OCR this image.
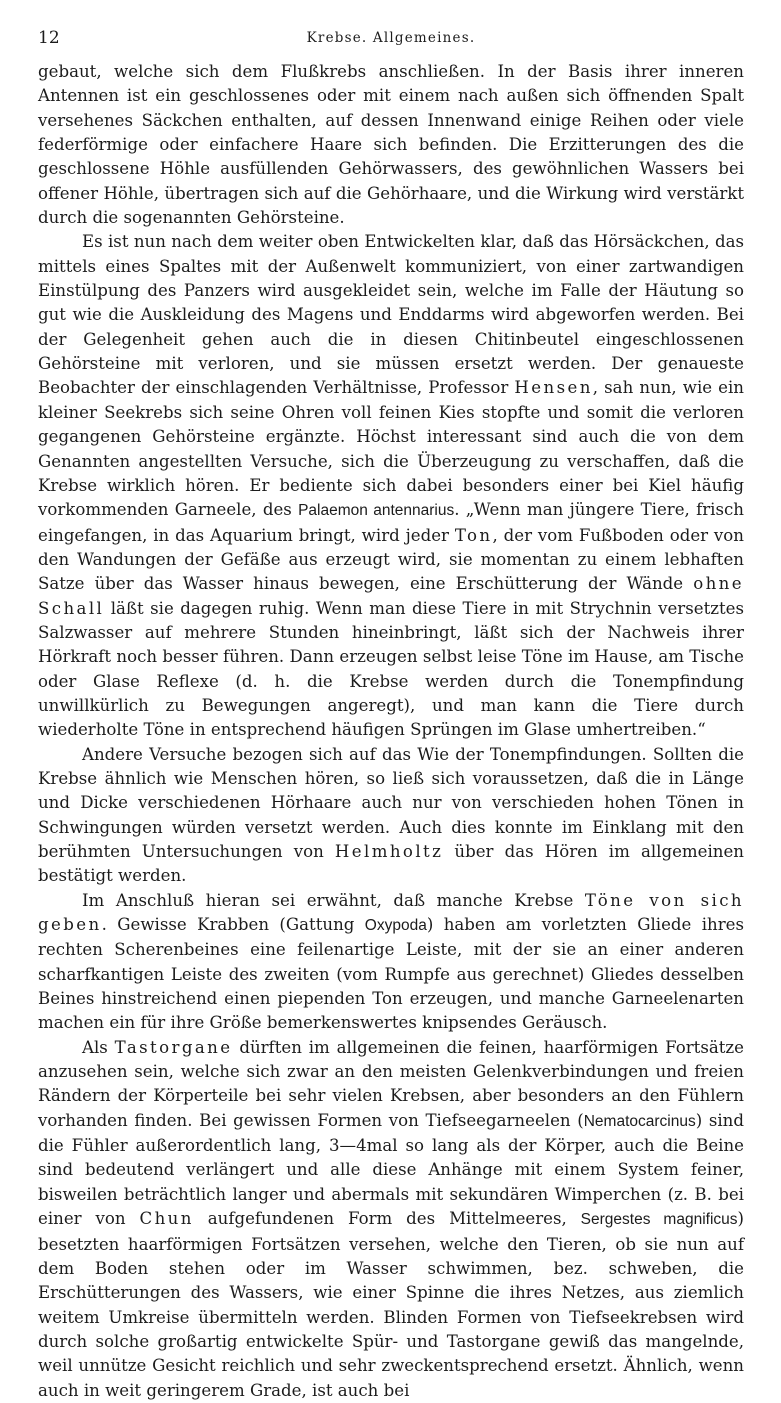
12	Krebse. Allgemeines.

gebaut, welche sich dem Flußkrebs anschließen. In der Basis ihrer inneren Antennen ist ein geschlossenes oder mit einem nach außen sich öffnenden Spalt versehenes Säckchen enthalten, auf dessen Innenwand einige Reihen oder viele federförmige oder einfachere Haare sich befinden. Die Erzitterungen des die geschlossene Höhle ausfüllenden Gehörwassers, des gewöhnlichen Wassers bei offener Höhle, übertragen sich auf die Gehörhaare, und die Wirkung wird verstärkt durch die sogenannten Gehörsteine.

Es ist nun nach dem weiter oben Entwickelten klar, daß das Hörsäckchen, das mittels eines Spaltes mit der Außenwelt kommuniziert, von einer zartwandigen Einstülpung des Panzers wird ausgekleidet sein, welche im Falle der Häutung so gut wie die Auskleidung des Magens und Enddarms wird abgeworfen werden. Bei der Gelegenheit gehen auch die in diesen Chitinbeutel eingeschlossenen Gehörsteine mit verloren, und sie müssen ersetzt werden. Der genaueste Beobachter der einschlagenden Verhältnisse, Professor Hensen, sah nun, wie ein kleiner Seekrebs sich seine Ohren voll feinen Kies stopfte und somit die verloren gegangenen Gehörsteine ergänzte. Höchst interessant sind auch die von dem Genannten angestellten Versuche, sich die Überzeugung zu verschaffen, daß die Krebse wirklich hören. Er bediente sich dabei besonders einer bei Kiel häufig vorkommenden Garneele, des Palaemon antennarius. „Wenn man jüngere Tiere, frisch eingefangen, in das Aquarium bringt, wird jeder Ton, der vom Fußboden oder von den Wandungen der Gefäße aus erzeugt wird, sie momentan zu einem lebhaften Satze über das Wasser hinaus bewegen, eine Erschütterung der Wände ohne Schall läßt sie dagegen ruhig. Wenn man diese Tiere in mit Strychnin versetztes Salzwasser auf mehrere Stunden hineinbringt, läßt sich der Nachweis ihrer Hörkraft noch besser führen. Dann erzeugen selbst leise Töne im Hause, am Tische oder Glase Reflexe (d. h. die Krebse werden durch die Tonempfindung unwillkürlich zu Bewegungen angeregt), und man kann die Tiere durch wiederholte Töne in entsprechend häufigen Sprüngen im Glase umhertreiben.“

Andere Versuche bezogen sich auf das Wie der Tonempfindungen. Sollten die Krebse ähnlich wie Menschen hören, so ließ sich voraussetzen, daß die in Länge und Dicke verschiedenen Hörhaare auch nur von verschieden hohen Tönen in Schwingungen würden versetzt werden. Auch dies konnte im Einklang mit den berühmten Untersuchungen von Helmholtz über das Hören im allgemeinen bestätigt werden.

Im Anschluß hieran sei erwähnt, daß manche Krebse Töne von sich geben. Gewisse Krabben (Gattung Oxypoda) haben am vorletzten Gliede ihres rechten Scherenbeines eine feilenartige Leiste, mit der sie an einer anderen scharfkantigen Leiste des zweiten (vom Rumpfe aus gerechnet) Gliedes desselben Beines hinstreichend einen piependen Ton erzeugen, und manche Garneelenarten machen ein für ihre Größe bemerkenswertes knipsendes Geräusch.

Als Tastorgane dürften im allgemeinen die feinen, haarförmigen Fortsätze anzusehen sein, welche sich zwar an den meisten Gelenkverbindungen und freien Rändern der Körperteile bei sehr vielen Krebsen, aber besonders an den Fühlern vorhanden finden. Bei gewissen Formen von Tiefseegarneelen (Nematocarcinus) sind die Fühler außerordentlich lang, 3—4mal so lang als der Körper, auch die Beine sind bedeutend verlängert und alle diese Anhänge mit einem System feiner, bisweilen beträchtlich langer und abermals mit sekundären Wimperchen (z. B. bei einer von Chun aufgefundenen Form des Mittelmeeres, Sergestes magnificus) besetzten haarförmigen Fortsätzen versehen, welche den Tieren, ob sie nun auf dem Boden stehen oder im Wasser schwimmen, bez. schweben, die Erschütterungen des Wassers, wie einer Spinne die ihres Netzes, aus ziemlich weitem Umkreise übermitteln werden. Blinden Formen von Tiefseekrebsen wird durch solche großartig entwickelte Spür- und Tastorgane gewiß das mangelnde, weil unnütze Gesicht reichlich und sehr zweckentsprechend ersetzt. Ähnlich, wenn auch in weit geringerem Grade, ist auch bei
